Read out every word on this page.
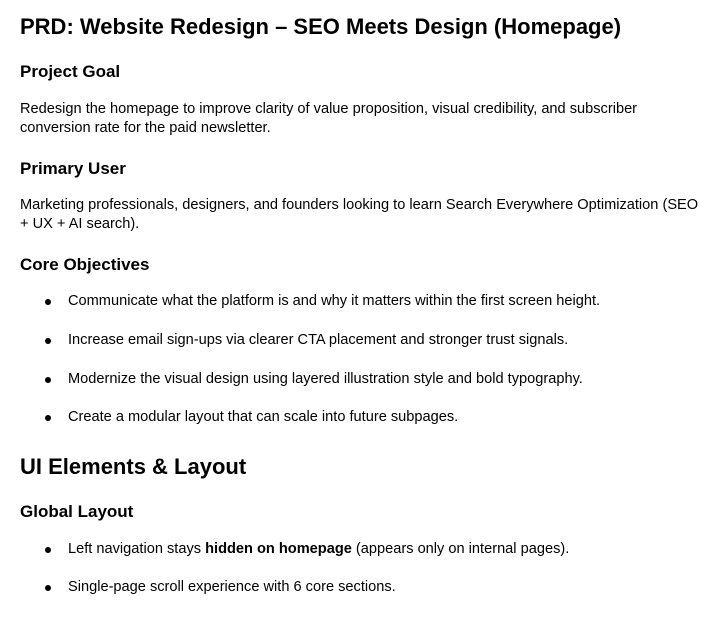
PRD: Website Redesign – SEO Meets Design (Homepage)
Project Goal
Redesign the homepage to improve clarity of value proposition, visual credibility, and subscriber conversion rate for the paid newsletter.
Primary User
Marketing professionals, designers, and founders looking to learn Search Everywhere Optimization (SEO + UX + AI search).
Core Objectives
Communicate what the platform is and why it matters within the first screen height.
Increase email sign-ups via clearer CTA placement and stronger trust signals.
Modernize the visual design using layered illustration style and bold typography.
Create a modular layout that can scale into future subpages.
UI Elements & Layout
Global Layout
Left navigation stays hidden on homepage (appears only on internal pages).
Single-page scroll experience with 6 core sections.
